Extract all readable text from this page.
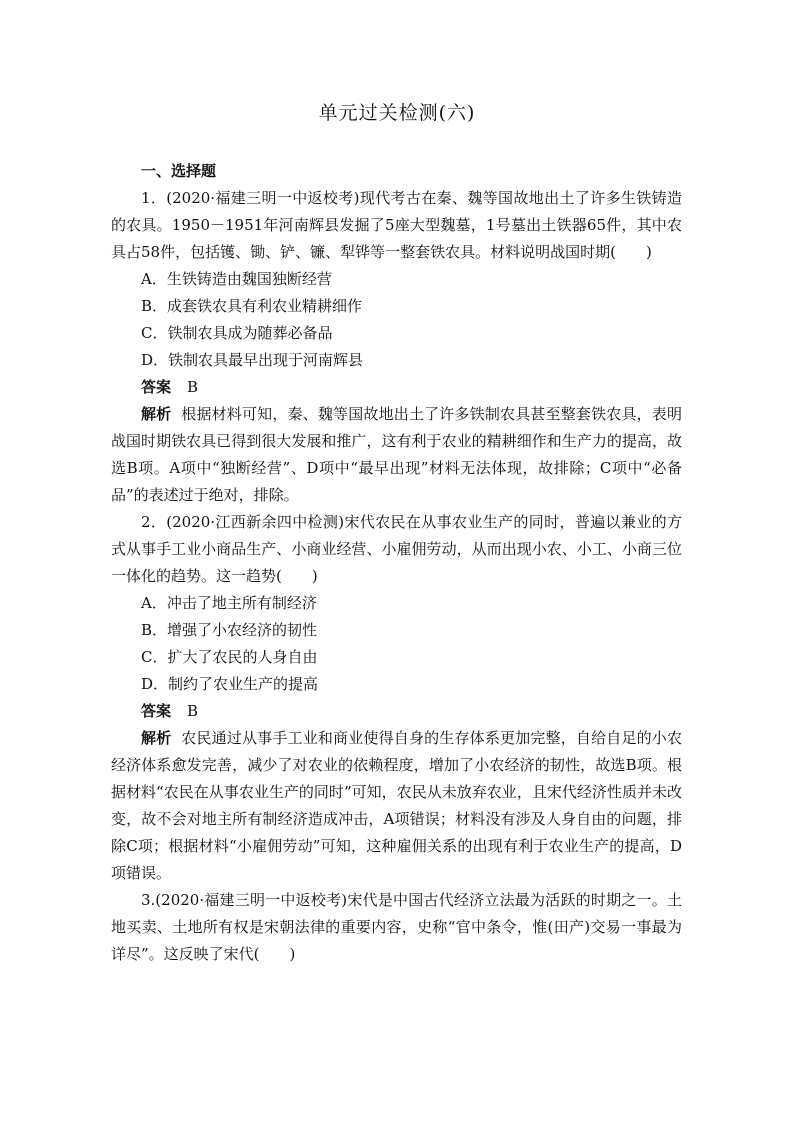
单元过关检测(六)

一、选择题

1．(2020·福建三明一中返校考)现代考古在秦、魏等国故地出土了许多生铁铸造的农具。1950－1951年河南辉县发掘了5座大型魏墓，1号墓出土铁器65件，其中农具占58件，包括镬、锄、铲、镰、犁铧等一整套铁农具。材料说明战国时期(　　)

A．生铁铸造由魏国独断经营

B．成套铁农具有利农业精耕细作

C．铁制农具成为随葬必备品

D．铁制农具最早出现于河南辉县

答案 B

解析 根据材料可知，秦、魏等国故地出土了许多铁制农具甚至整套铁农具，表明战国时期铁农具已得到很大发展和推广，这有利于农业的精耕细作和生产力的提高，故选B项。A项中“独断经营”、D项中“最早出现”材料无法体现，故排除；C项中“必备品”的表述过于绝对，排除。

2．(2020·江西新余四中检测)宋代农民在从事农业生产的同时，普遍以兼业的方式从事手工业小商品生产、小商业经营、小雇佣劳动，从而出现小农、小工、小商三位一体化的趋势。这一趋势(　　)

A．冲击了地主所有制经济

B．增强了小农经济的韧性

C．扩大了农民的人身自由

D．制约了农业生产的提高

答案 B

解析 农民通过从事手工业和商业使得自身的生存体系更加完整，自给自足的小农经济体系愈发完善，减少了对农业的依赖程度，增加了小农经济的韧性，故选B项。根据材料“农民在从事农业生产的同时”可知，农民从未放弃农业，且宋代经济性质并未改变，故不会对地主所有制经济造成冲击，A项错误；材料没有涉及人身自由的问题，排除C项；根据材料“小雇佣劳动”可知，这种雇佣关系的出现有利于农业生产的提高，D项错误。

3.(2020·福建三明一中返校考)宋代是中国古代经济立法最为活跃的时期之一。土地买卖、土地所有权是宋朝法律的重要内容，史称“官中条令，惟(田产)交易一事最为详尽”。这反映了宋代(　　)
